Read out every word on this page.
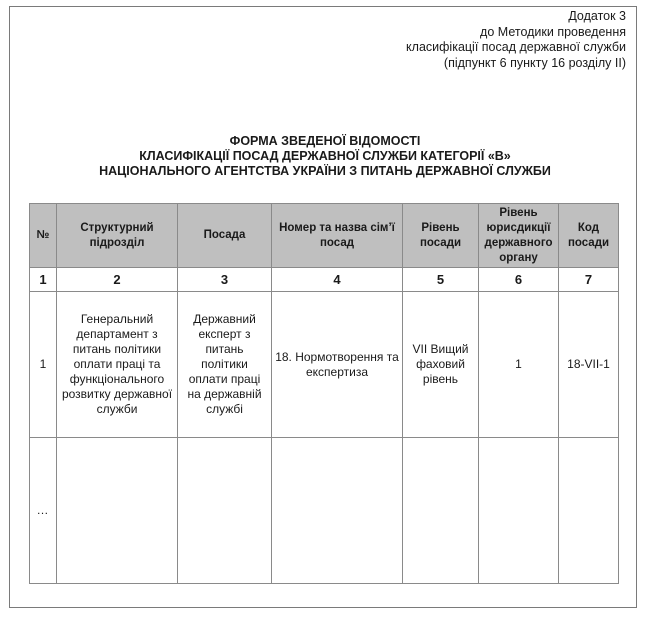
Додаток 3
до Методики проведення
класифікації посад державної служби
(підпункт 6 пункту 16 розділу ІІ)
ФОРМА ЗВЕДЕНОЇ ВІДОМОСТІ
КЛАСИФІКАЦІЇ ПОСАД ДЕРЖАВНОЇ СЛУЖБИ КАТЕГОРІЇ «В»
НАЦІОНАЛЬНОГО АГЕНТСТВА УКРАЇНИ З ПИТАНЬ ДЕРЖАВНОЇ СЛУЖБИ
№	Структурний підрозділ	Посада	Номер та назва сім’ї посад	Рівень посади	Рівень юрисдикції державного органу	Код посади
1	2	3	4	5	6	7
1	Генеральний департамент з питань політики оплати праці та функціонального розвитку державної служби	Державний експерт з питань політики оплати праці на державній службі	18. Нормотворення та експертиза	VII Вищий фаховий рівень	1	18-VII-1
…						
